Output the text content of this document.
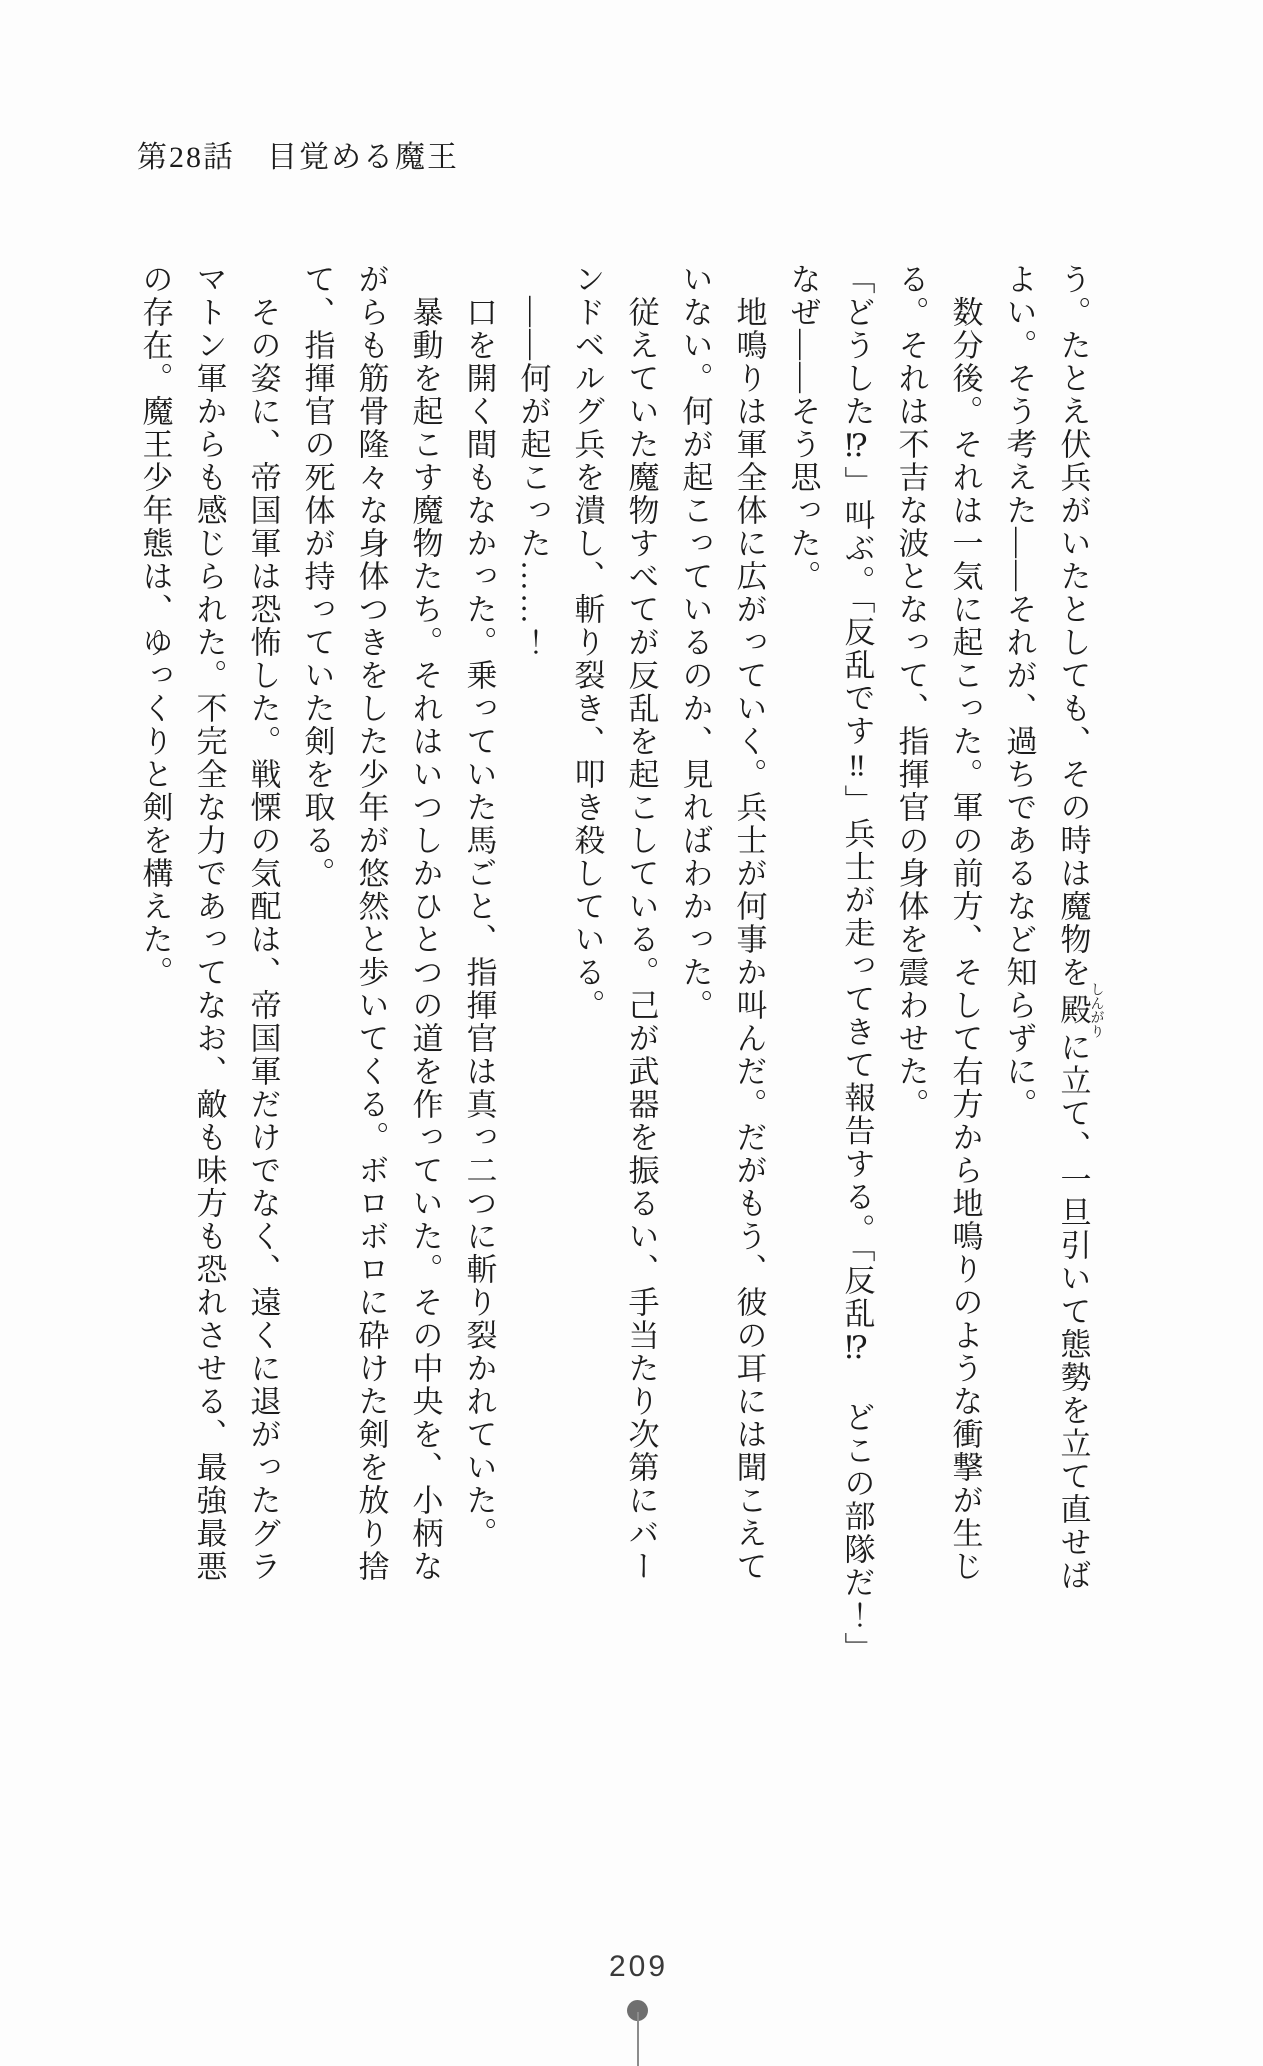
第28話　目覚める魔王

う。たとえ伏兵がいたとしても、その時は魔物を殿しんがりに立て、一旦引いて態勢を立て直せば

よい。そう考えた――それが、過ちであるなど知らずに。

数分後。それは一気に起こった。軍の前方、そして右方から地鳴りのような衝撃が生じ

る。それは不吉な波となって、指揮官の身体を震わせた。

「どうした⁉」叫ぶ。「反乱です‼」兵士が走ってきて報告する。「反乱⁉　どこの部隊だ！」

なぜ――そう思った。

地鳴りは軍全体に広がっていく。兵士が何事か叫んだ。だがもう、彼の耳には聞こえて

いない。何が起こっているのか、見ればわかった。

従えていた魔物すべてが反乱を起こしている。己が武器を振るい、手当たり次第にバー

ンドベルグ兵を潰し、斬り裂き、叩き殺している。

――何が起こった……！

口を開く間もなかった。乗っていた馬ごと、指揮官は真っ二つに斬り裂かれていた。

暴動を起こす魔物たち。それはいつしかひとつの道を作っていた。その中央を、小柄な

がらも筋骨隆々な身体つきをした少年が悠然と歩いてくる。ボロボロに砕けた剣を放り捨

て、指揮官の死体が持っていた剣を取る。

その姿に、帝国軍は恐怖した。戦慄の気配は、帝国軍だけでなく、遠くに退がったグラ

マトン軍からも感じられた。不完全な力であってなお、敵も味方も恐れさせる、最強最悪

の存在。魔王少年態は、ゆっくりと剣を構えた。

209
